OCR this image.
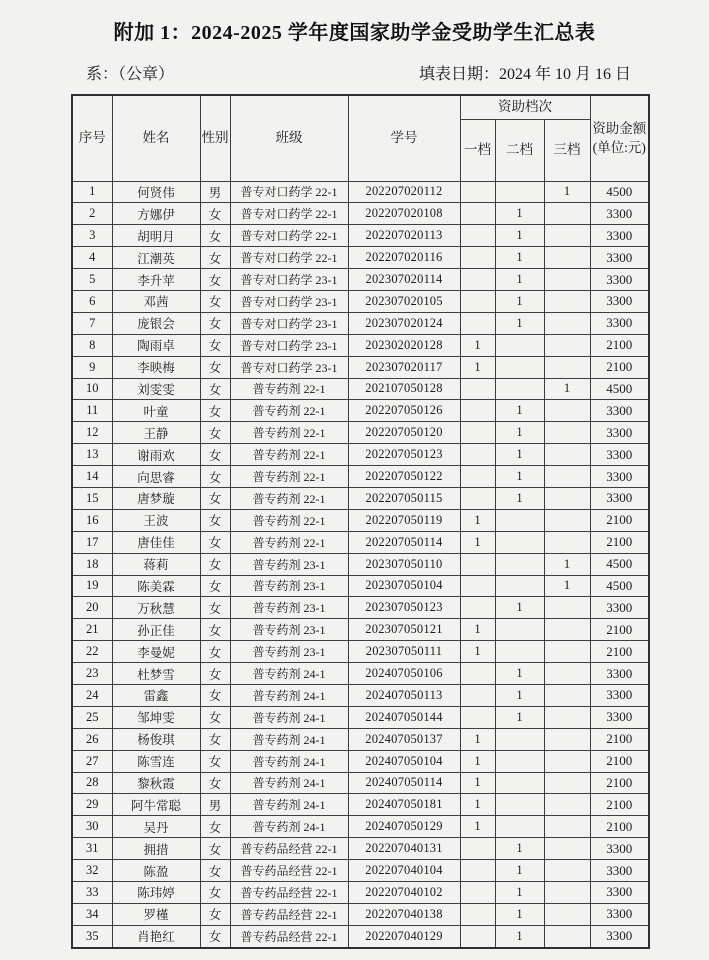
附加 1：2024-2025 学年度国家助学金受助学生汇总表
系：（公章）	填表日期：2024 年 10 月 16 日
序号	姓名	性别	班级	学号	资助档次			资助金额(单位:元)
					一档	二档	三档	
1	何贤伟	男	普专对口药学 22-1	202207020112			1	4500
2	方娜伊	女	普专对口药学 22-1	202207020108		1		3300
3	胡明月	女	普专对口药学 22-1	202207020113		1		3300
4	江潮英	女	普专对口药学 22-1	202207020116		1		3300
5	李升苹	女	普专对口药学 23-1	202307020114		1		3300
6	邓茜	女	普专对口药学 23-1	202307020105		1		3300
7	庞银会	女	普专对口药学 23-1	202307020124		1		3300
8	陶雨卓	女	普专对口药学 23-1	202302020128	1			2100
9	李映梅	女	普专对口药学 23-1	202307020117	1			2100
10	刘雯雯	女	普专药剂 22-1	202107050128			1	4500
11	叶童	女	普专药剂 22-1	202207050126		1		3300
12	王静	女	普专药剂 22-1	202207050120		1		3300
13	谢雨欢	女	普专药剂 22-1	202207050123		1		3300
14	向思睿	女	普专药剂 22-1	202207050122		1		3300
15	唐梦璇	女	普专药剂 22-1	202207050115		1		3300
16	王波	女	普专药剂 22-1	202207050119	1			2100
17	唐佳佳	女	普专药剂 22-1	202207050114	1			2100
18	蒋莉	女	普专药剂 23-1	202307050110			1	4500
19	陈美霖	女	普专药剂 23-1	202307050104			1	4500
20	万秋慧	女	普专药剂 23-1	202307050123		1		3300
21	孙正佳	女	普专药剂 23-1	202307050121	1			2100
22	李曼妮	女	普专药剂 23-1	202307050111	1			2100
23	杜梦雪	女	普专药剂 24-1	202407050106		1		3300
24	雷鑫	女	普专药剂 24-1	202407050113		1		3300
25	邹坤雯	女	普专药剂 24-1	202407050144		1		3300
26	杨俊琪	女	普专药剂 24-1	202407050137	1			2100
27	陈雪连	女	普专药剂 24-1	202407050104	1			2100
28	黎秋霞	女	普专药剂 24-1	202407050114	1			2100
29	阿牛常聪	男	普专药剂 24-1	202407050181	1			2100
30	吴丹	女	普专药剂 24-1	202407050129	1			2100
31	拥措	女	普专药品经营 22-1	202207040131		1		3300
32	陈盈	女	普专药品经营 22-1	202207040104		1		3300
33	陈玮婷	女	普专药品经营 22-1	202207040102		1		3300
34	罗槿	女	普专药品经营 22-1	202207040138		1		3300
35	肖艳红	女	普专药品经营 22-1	202207040129		1		3300
